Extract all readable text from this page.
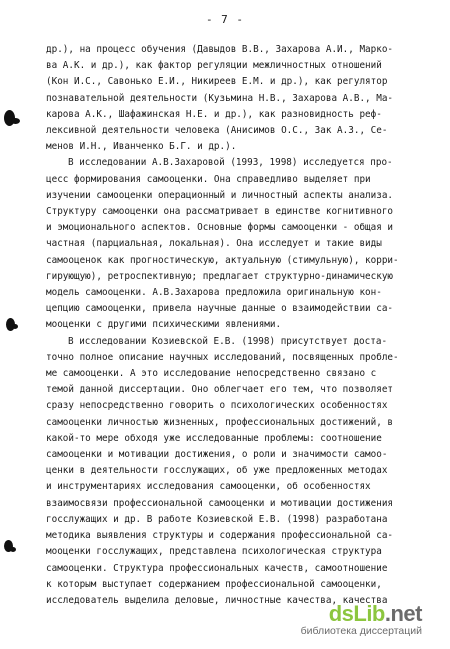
- 7 -
др.), на процесс обучения (Давыдов В.В., Захарова А.И., Марко-
ва А.К. и др.), как фактор регуляции межличностных отношений
(Кон И.С., Савонько Е.И., Никиреев Е.М. и др.), как регулятор
познавательной деятельности (Кузьмина Н.В., Захарова А.В., Ма-
карова А.К., Шафажинская Н.Е. и др.), как разновидность реф-
лексивной деятельности человека (Анисимов О.С., Зак А.З., Се-
менов И.Н., Иванченко Б.Г. и др.).
В исследовании А.В.Захаровой (1993, 1998) исследуется про-
цесс формирования самооценки. Она справедливо выделяет при
изучении самооценки операционный и личностный аспекты анализа.
Структуру самооценки она рассматривает в единстве когнитивного
и эмоционального аспектов. Основные формы самооценки - общая и
частная (парциальная, локальная). Она исследует и такие виды
самооценок как прогностическую, актуальную (стимульную), корри-
гирующую), ретроспективную; предлагает структурно-динамическую
модель самооценки. А.В.Захарова предложила оригинальную кон-
цепцию самооценки, привела научные данные о взаимодействии са-
мооценки с другими психическими явлениями.
В исследовании Козиевской Е.В. (1998) присутствует доста-
точно полное описание научных исследований, посвященных пробле-
ме самооценки. А это исследование непосредственно связано с
темой данной диссертации. Оно облегчает его тем, что позволяет
сразу непосредственно говорить о психологических особенностях
самооценки личностью жизненных, профессиональных достижений, в
какой-то мере обходя уже исследованные проблемы: соотношение
самооценки и мотивации достижения, о роли и значимости самоо-
ценки в деятельности госслужащих, об уже предложенных методах
и инструментариях исследования самооценки, об особенностях
взаимосвязи профессиональной самооценки и мотивации достижения
госслужащих и др. В работе Козиевской Е.В. (1998) разработана
методика выявления структуры и содержания профессиональной са-
мооценки госслужащих, представлена психологическая структура
самооценки. Структура профессиональных качеств, самоотношение
к которым выступает содержанием профессиональной самооценки,
исследователь выделила деловые, личностные качества, качества
dsLib.net
библиотека диссертаций
